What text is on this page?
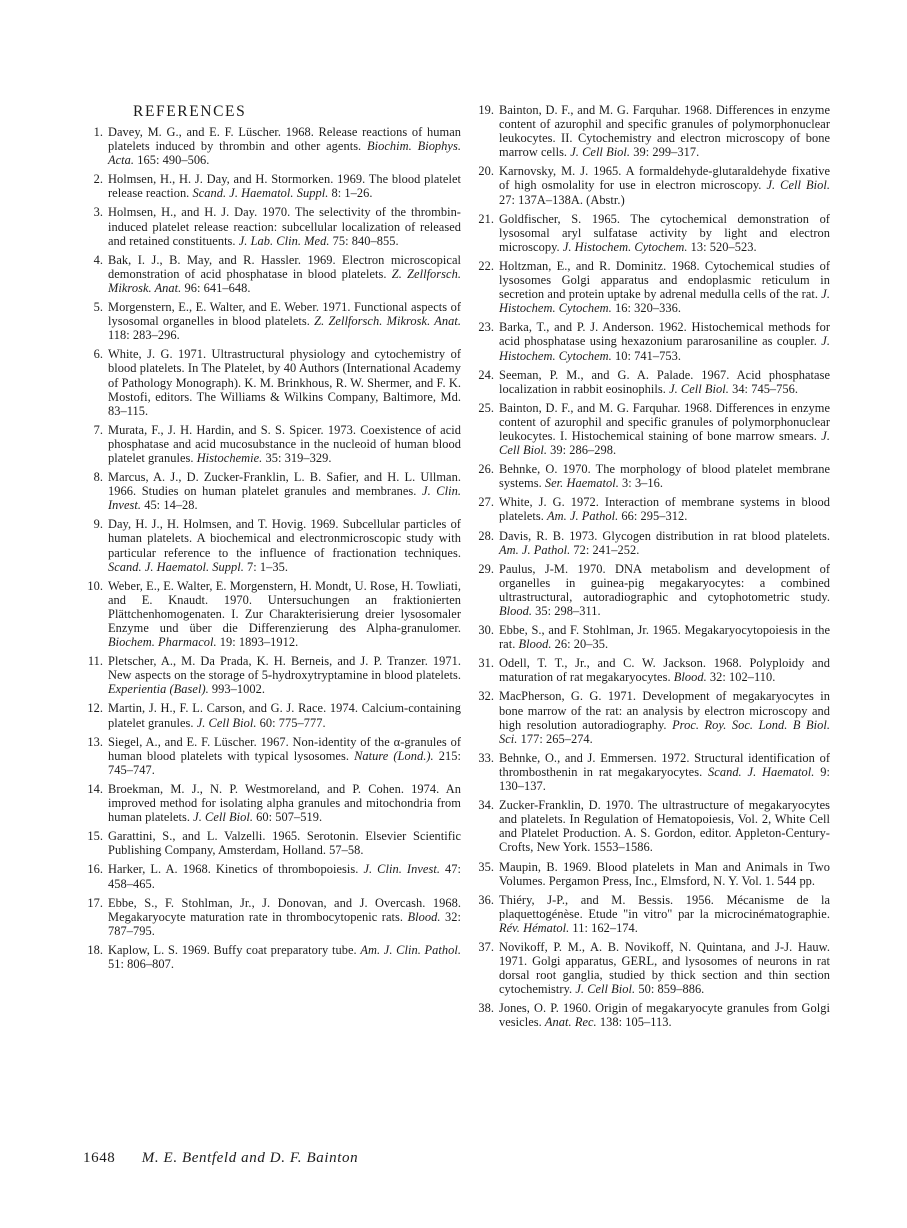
REFERENCES
1. Davey, M. G., and E. F. Lüscher. 1968. Release reactions of human platelets induced by thrombin and other agents. Biochim. Biophys. Acta. 165: 490–506.
2. Holmsen, H., H. J. Day, and H. Stormorken. 1969. The blood platelet release reaction. Scand. J. Haematol. Suppl. 8: 1–26.
3. Holmsen, H., and H. J. Day. 1970. The selectivity of the thrombin-induced platelet release reaction: subcellular localization of released and retained constituents. J. Lab. Clin. Med. 75: 840–855.
4. Bak, I. J., B. May, and R. Hassler. 1969. Electron microscopical demonstration of acid phosphatase in blood platelets. Z. Zellforsch. Mikrosk. Anat. 96: 641–648.
5. Morgenstern, E., E. Walter, and E. Weber. 1971. Functional aspects of lysosomal organelles in blood platelets. Z. Zellforsch. Mikrosk. Anat. 118: 283–296.
6. White, J. G. 1971. Ultrastructural physiology and cytochemistry of blood platelets. In The Platelet, by 40 Authors (International Academy of Pathology Monograph). K. M. Brinkhous, R. W. Shermer, and F. K. Mostofi, editors. The Williams & Wilkins Company, Baltimore, Md. 83–115.
7. Murata, F., J. H. Hardin, and S. S. Spicer. 1973. Coexistence of acid phosphatase and acid mucosubstance in the nucleoid of human blood platelet granules. Histochemie. 35: 319–329.
8. Marcus, A. J., D. Zucker-Franklin, L. B. Safier, and H. L. Ullman. 1966. Studies on human platelet granules and membranes. J. Clin. Invest. 45: 14–28.
9. Day, H. J., H. Holmsen, and T. Hovig. 1969. Subcellular particles of human platelets. A biochemical and electronmicroscopic study with particular reference to the influence of fractionation techniques. Scand. J. Haematol. Suppl. 7: 1–35.
10. Weber, E., E. Walter, E. Morgenstern, H. Mondt, U. Rose, H. Towliati, and E. Knaudt. 1970. Untersuchungen an fraktionierten Plättchenhomogenaten. I. Zur Charakterisierung dreier lysosomaler Enzyme und über die Differenzierung des Alpha-granulomer. Biochem. Pharmacol. 19: 1893–1912.
11. Pletscher, A., M. Da Prada, K. H. Berneis, and J. P. Tranzer. 1971. New aspects on the storage of 5-hydroxytryptamine in blood platelets. Experientia (Basel). 993–1002.
12. Martin, J. H., F. L. Carson, and G. J. Race. 1974. Calcium-containing platelet granules. J. Cell Biol. 60: 775–777.
13. Siegel, A., and E. F. Lüscher. 1967. Non-identity of the α-granules of human blood platelets with typical lysosomes. Nature (Lond.). 215: 745–747.
14. Broekman, M. J., N. P. Westmoreland, and P. Cohen. 1974. An improved method for isolating alpha granules and mitochondria from human platelets. J. Cell Biol. 60: 507–519.
15. Garattini, S., and L. Valzelli. 1965. Serotonin. Elsevier Scientific Publishing Company, Amsterdam, Holland. 57–58.
16. Harker, L. A. 1968. Kinetics of thrombopoiesis. J. Clin. Invest. 47: 458–465.
17. Ebbe, S., F. Stohlman, Jr., J. Donovan, and J. Overcash. 1968. Megakaryocyte maturation rate in thrombocytopenic rats. Blood. 32: 787–795.
18. Kaplow, L. S. 1969. Buffy coat preparatory tube. Am. J. Clin. Pathol. 51: 806–807.
19. Bainton, D. F., and M. G. Farquhar. 1968. Differences in enzyme content of azurophil and specific granules of polymorphonuclear leukocytes. II. Cytochemistry and electron microscopy of bone marrow cells. J. Cell Biol. 39: 299–317.
20. Karnovsky, M. J. 1965. A formaldehyde-glutaraldehyde fixative of high osmolality for use in electron microscopy. J. Cell Biol. 27: 137A–138A. (Abstr.)
21. Goldfischer, S. 1965. The cytochemical demonstration of lysosomal aryl sulfatase activity by light and electron microscopy. J. Histochem. Cytochem. 13: 520–523.
22. Holtzman, E., and R. Dominitz. 1968. Cytochemical studies of lysosomes Golgi apparatus and endoplasmic reticulum in secretion and protein uptake by adrenal medulla cells of the rat. J. Histochem. Cytochem. 16: 320–336.
23. Barka, T., and P. J. Anderson. 1962. Histochemical methods for acid phosphatase using hexazonium pararosaniline as coupler. J. Histochem. Cytochem. 10: 741–753.
24. Seeman, P. M., and G. A. Palade. 1967. Acid phosphatase localization in rabbit eosinophils. J. Cell Biol. 34: 745–756.
25. Bainton, D. F., and M. G. Farquhar. 1968. Differences in enzyme content of azurophil and specific granules of polymorphonuclear leukocytes. I. Histochemical staining of bone marrow smears. J. Cell Biol. 39: 286–298.
26. Behnke, O. 1970. The morphology of blood platelet membrane systems. Ser. Haematol. 3: 3–16.
27. White, J. G. 1972. Interaction of membrane systems in blood platelets. Am. J. Pathol. 66: 295–312.
28. Davis, R. B. 1973. Glycogen distribution in rat blood platelets. Am. J. Pathol. 72: 241–252.
29. Paulus, J-M. 1970. DNA metabolism and development of organelles in guinea-pig megakaryocytes: a combined ultrastructural, autoradiographic and cytophotometric study. Blood. 35: 298–311.
30. Ebbe, S., and F. Stohlman, Jr. 1965. Megakaryocytopoiesis in the rat. Blood. 26: 20–35.
31. Odell, T. T., Jr., and C. W. Jackson. 1968. Polyploidy and maturation of rat megakaryocytes. Blood. 32: 102–110.
32. MacPherson, G. G. 1971. Development of megakaryocytes in bone marrow of the rat: an analysis by electron microscopy and high resolution autoradiography. Proc. Roy. Soc. Lond. B Biol. Sci. 177: 265–274.
33. Behnke, O., and J. Emmersen. 1972. Structural identification of thrombosthenin in rat megakaryocytes. Scand. J. Haematol. 9: 130–137.
34. Zucker-Franklin, D. 1970. The ultrastructure of megakaryocytes and platelets. In Regulation of Hematopoiesis, Vol. 2, White Cell and Platelet Production. A. S. Gordon, editor. Appleton-Century-Crofts, New York. 1553–1586.
35. Maupin, B. 1969. Blood platelets in Man and Animals in Two Volumes. Pergamon Press, Inc., Elmsford, N. Y. Vol. 1. 544 pp.
36. Thiéry, J-P., and M. Bessis. 1956. Mécanisme de la plaquettogénèse. Etude "in vitro" par la microcinématographie. Rév. Hématol. 11: 162–174.
37. Novikoff, P. M., A. B. Novikoff, N. Quintana, and J-J. Hauw. 1971. Golgi apparatus, GERL, and lysosomes of neurons in rat dorsal root ganglia, studied by thick section and thin section cytochemistry. J. Cell Biol. 50: 859–886.
38. Jones, O. P. 1960. Origin of megakaryocyte granules from Golgi vesicles. Anat. Rec. 138: 105–113.
1648 M. E. Bentfeld and D. F. Bainton
